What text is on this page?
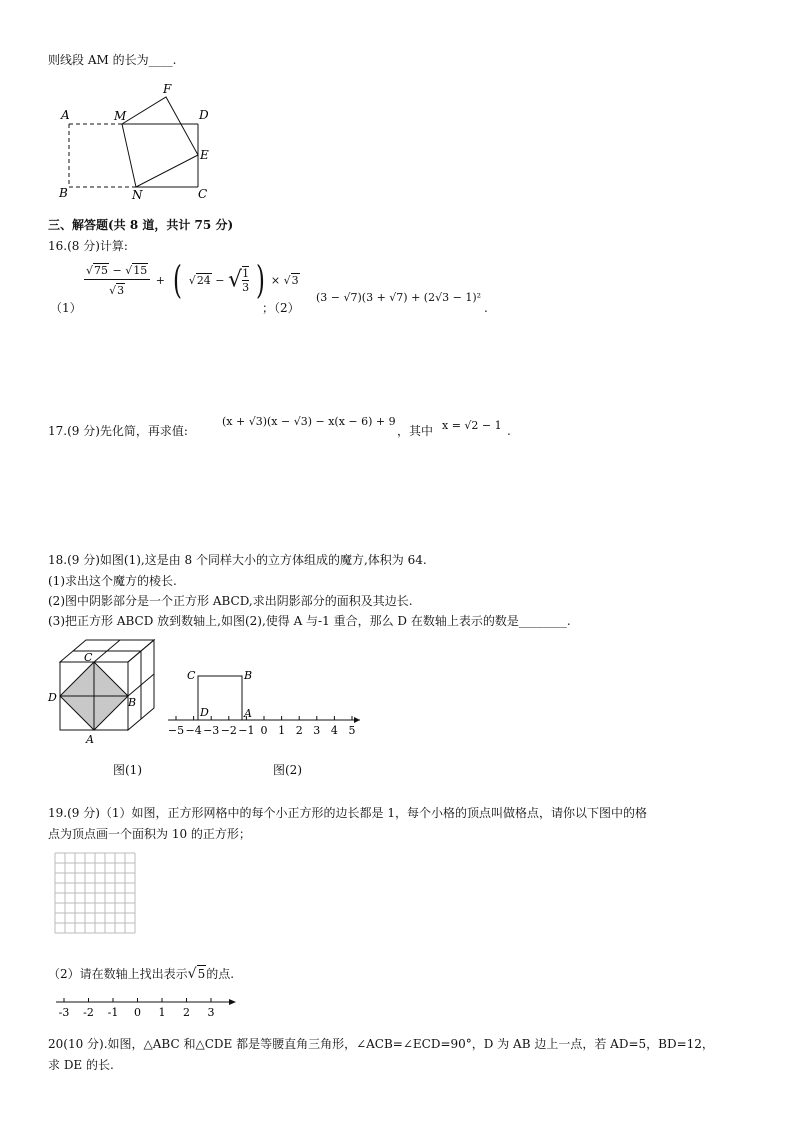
则线段 AM 的长为____.
A	M
F
D
E
B	N	C
三、解答题(共 8 道，共计 75 分)
16.(8 分)计算:
（1）
$\frac{√75 - √15}{√3}$ + ( √24 − √ $\frac{1}{3}$ ) × √3
；（2）
(3 − √7)(3 + √7) + (2√3 − 1)²
.
17.(9 分)先化简，再求值:
(x + √3)(x − √3) − x(x − 6) + 9
，其中 x = √2 − 1 .
18.(9 分)如图(1),这是由 8 个同样大小的立方体组成的魔方,体积为 64.
(1)求出这个魔方的棱长.
(2)图中阴影部分是一个正方形 ABCD,求出阴影部分的面积及其边长.
(3)把正方形 ABCD 放到数轴上,如图(2),使得 A 与-1 重合，那么 D 在数轴上表示的数是________.
C
D	B
A
−5 −4 −3 −2 −1 0 1 2 3 4 5
C	B
D	A
图(1)	图(2)
19.(9 分)（1）如图，正方形网格中的每个小正方形的边长都是 1，每个小格的顶点叫做格点，请你以下图中的格
点为顶点画一个面积为 10 的正方形；
（2）请在数轴上找出表示√5的点.
-3 -2 -1 0 1 2 3
20(10 分).如图，△ABC 和△CDE 都是等腰直角三角形，∠ACB=∠ECD=90°，D 为 AB 边上一点，若 AD=5，BD=12，
求 DE 的长.
